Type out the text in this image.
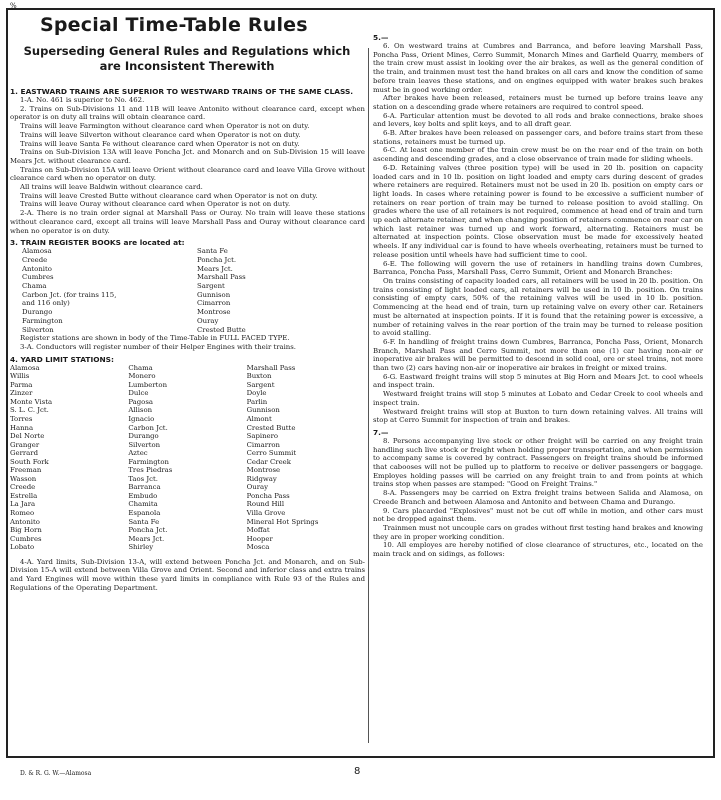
%
Special Time-Table Rules
Superseding General Rules and Regulations which are Inconsistent Therewith
1. EASTWARD TRAINS ARE SUPERIOR TO WESTWARD TRAINS OF THE SAME CLASS.
1-A. No. 461 is superior to No. 462.
2. Trains on Sub-Divisions 11 and 11B will leave Antonito without clearance card, except when operator is on duty all trains will obtain clearance card.
Trains will leave Farmington without clearance card when Operator is not on duty.
Trains will leave Silverton without clearance card when Operator is not on duty.
Trains will leave Santa Fe without clearance card when Operator is not on duty.
Trains on Sub-Division 13A will leave Poncha Jct. and Monarch and on Sub-Division 15 will leave Mears Jct. without clearance card.
Trains on Sub-Division 15A will leave Orient without clearance card and leave Villa Grove without clearance card when no operator on duty.
All trains will leave Baldwin without clearance card.
Trains will leave Crested Butte without clearance card when Operator is not on duty.
Trains will leave Ouray without clearance card when Operator is not on duty.
2-A. There is no train order signal at Marshall Pass or Ouray. No train will leave these stations without clearance card, except all trains will leave Marshall Pass and Ouray without clearance card when no operator is on duty.
3. TRAIN REGISTER BOOKS are located at:
Alamosa	Santa Fe
Creede	Poncha Jct.
Antonito	Mears Jct.
Cumbres	Marshall Pass
Chama	Sargent
Carbon Jct. (for trains 115,	Gunnison
and 116 only)	Cimarron
Durango	Montrose
Farmington	Ouray
Silverton	Crested Butte
Register stations are shown in body of the Time-Table in FULL FACED TYPE.
3-A. Conductors will register number of their Helper Engines with their trains.
4. YARD LIMIT STATIONS:
Alamosa	Chama	Marshall Pass
Willis	Monero	Buxton
Parma	Lumberton	Sargent
Zinzer	Dulce	Doyle
Monte Vista	Pagosa	Parlin
S. L. C. Jct.	Allison	Gunnison
Torres	Ignacio	Almont
Hanna	Carbon Jct.	Crested Butte
Del Norte	Durango	Sapinero
Granger	Silverton	Cimarron
Gerrard	Aztec	Cerro Summit
South Fork	Farmington	Cedar Creek
Freeman	Tres Piedras	Montrose
Wasson	Taos Jct.	Ridgway
Creede	Barranca	Ouray
Estrella	Embudo	Poncha Pass
La Jara	Chamita	Round Hill
Romeo	Espanola	Villa Grove
Antonito	Santa Fe	Mineral Hot Springs
Big Horn	Poncha Jct.	Moffat
Cumbres	Mears Jct.	Hooper
Lobato	Shirley	Mosca
4-A. Yard limits, Sub-Division 13-A, will extend between Poncha Jct. and Monarch, and on Sub-Division 15-A will extend between Villa Grove and Orient. Second and inferior class and extra trains and Yard Engines will move within these yard limits in compliance with Rule 93 of the Rules and Regulations of the Operating Department.
5.—
6. On westward trains at Cumbres and Barranca, and before leaving Marshall Pass, Poncha Pass, Orient Mines, Cerro Summit, Monarch Mines and Garfield Quarry, members of the train crew must assist in looking over the air brakes, as well as the general condition of the train, and trainmen must test the hand brakes on all cars and know the condition of same before train leaves these stations, and on engines equipped with water brakes such brakes must be in good working order.
After brakes have been released, retainers must be turned up before trains leave any station on a descending grade where retainers are required to control speed.
6-A. Particular attention must be devoted to all rods and brake connections, brake shoes and levers, key bolts and split keys, and to all draft gear.
6-B. After brakes have been released on passenger cars, and before trains start from these stations, retainers must be turned up.
6-C. At least one member of the train crew must be on the rear end of the train on both ascending and descending grades, and a close observance of train made for sliding wheels.
6-D. Retaining valves (three position type) will be used in 20 lb. position on capacity loaded cars and in 10 lb. position on light loaded and empty cars during descent of grades where retainers are required. Retainers must not be used in 20 lb. position on empty cars or light loads. In cases where retaining power is found to be excessive a sufficient number of retainers on rear portion of train may be turned to release position to avoid stalling. On grades where the use of all retainers is not required, commence at head end of train and turn up each alternate retainer, and when changing position of retainers commence on rear car on which last retainer was turned up and work forward, alternating. Retainers must be alternated at inspection points. Close observation must be made for excessively heated wheels. If any individual car is found to have wheels overheating, retainers must be turned to release position until wheels have had sufficient time to cool.
6-E. The following will govern the use of retainers in handling trains down Cumbres, Barranca, Poncha Pass, Marshall Pass, Cerro Summit, Orient and Monarch Branches:
On trains consisting of capacity loaded cars, all retainers will be used in 20 lb. position. On trains consisting of light loaded cars, all retainers will be used in 10 lb. position. On trains consisting of empty cars, 50% of the retaining valves will be used in 10 lb. position. Commencing at the head end of train, turn up retaining valve on every other car. Retainers must be alternated at inspection points. If it is found that the retaining power is excessive, a number of retaining valves in the rear portion of the train may be turned to release position to avoid stalling.
6-F. In handling of freight trains down Cumbres, Barranca, Poncha Pass, Orient, Monarch Branch, Marshall Pass and Cerro Summit, not more than one (1) car having non-air or inoperative air brakes will be permitted to descend in solid coal, ore or steel trains, not more than two (2) cars having non-air or inoperative air brakes in freight or mixed trains.
6-G. Eastward freight trains will stop 5 minutes at Big Horn and Mears Jct. to cool wheels and inspect train.
Westward freight trains will stop 5 minutes at Lobato and Cedar Creek to cool wheels and inspect train.
Westward freight trains will stop at Buxton to turn down retaining valves. All trains will stop at Cerro Summit for inspection of train and brakes.
7.—
8. Persons accompanying live stock or other freight will be carried on any freight train handling such live stock or freight when holding proper transportation, and when permission to accompany same is covered by contract. Passengers on freight trains should be informed that cabooses will not be pulled up to platform to receive or deliver passengers or baggage. Employes holding passes will be carried on any freight train to and from points at which trains stop when passes are stamped: "Good on Freight Trains."
8-A. Passengers may be carried on Extra freight trains between Salida and Alamosa, on Creede Branch and between Alamosa and Antonito and between Chama and Durango.
9. Cars placarded "Explosives" must not be cut off while in motion, and other cars must not be dropped against them.
Trainmen must not uncouple cars on grades without first testing hand brakes and knowing they are in proper working condition.
10. All employes are hereby notified of close clearance of structures, etc., located on the main track and on sidings, as follows:
D. & R. G. W.—Alamosa	8
